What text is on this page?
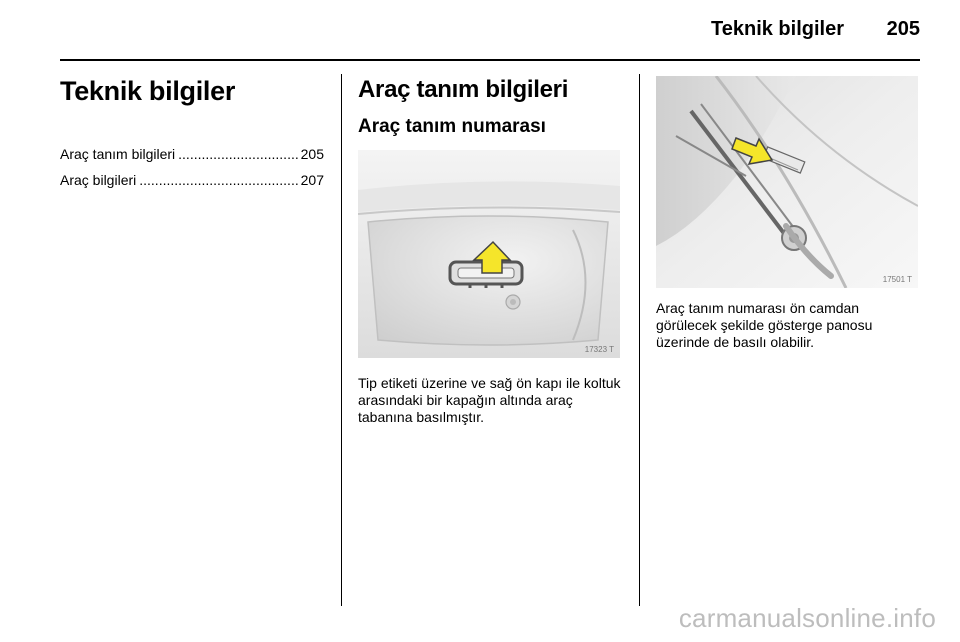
Teknik bilgiler 205
Teknik bilgiler
Araç tanım bilgileri .....	205
Araç bilgileri .....	207
Araç tanım bilgileri
Araç tanım numarası
17323 T
Tip etiketi üzerine ve sağ ön kapı ile koltuk arasındaki bir kapağın altında araç tabanına basılmıştır.
17501 T
Araç tanım numarası ön camdan görülecek şekilde gösterge panosu üzerinde de basılı olabilir.
carmanualsonline.info
